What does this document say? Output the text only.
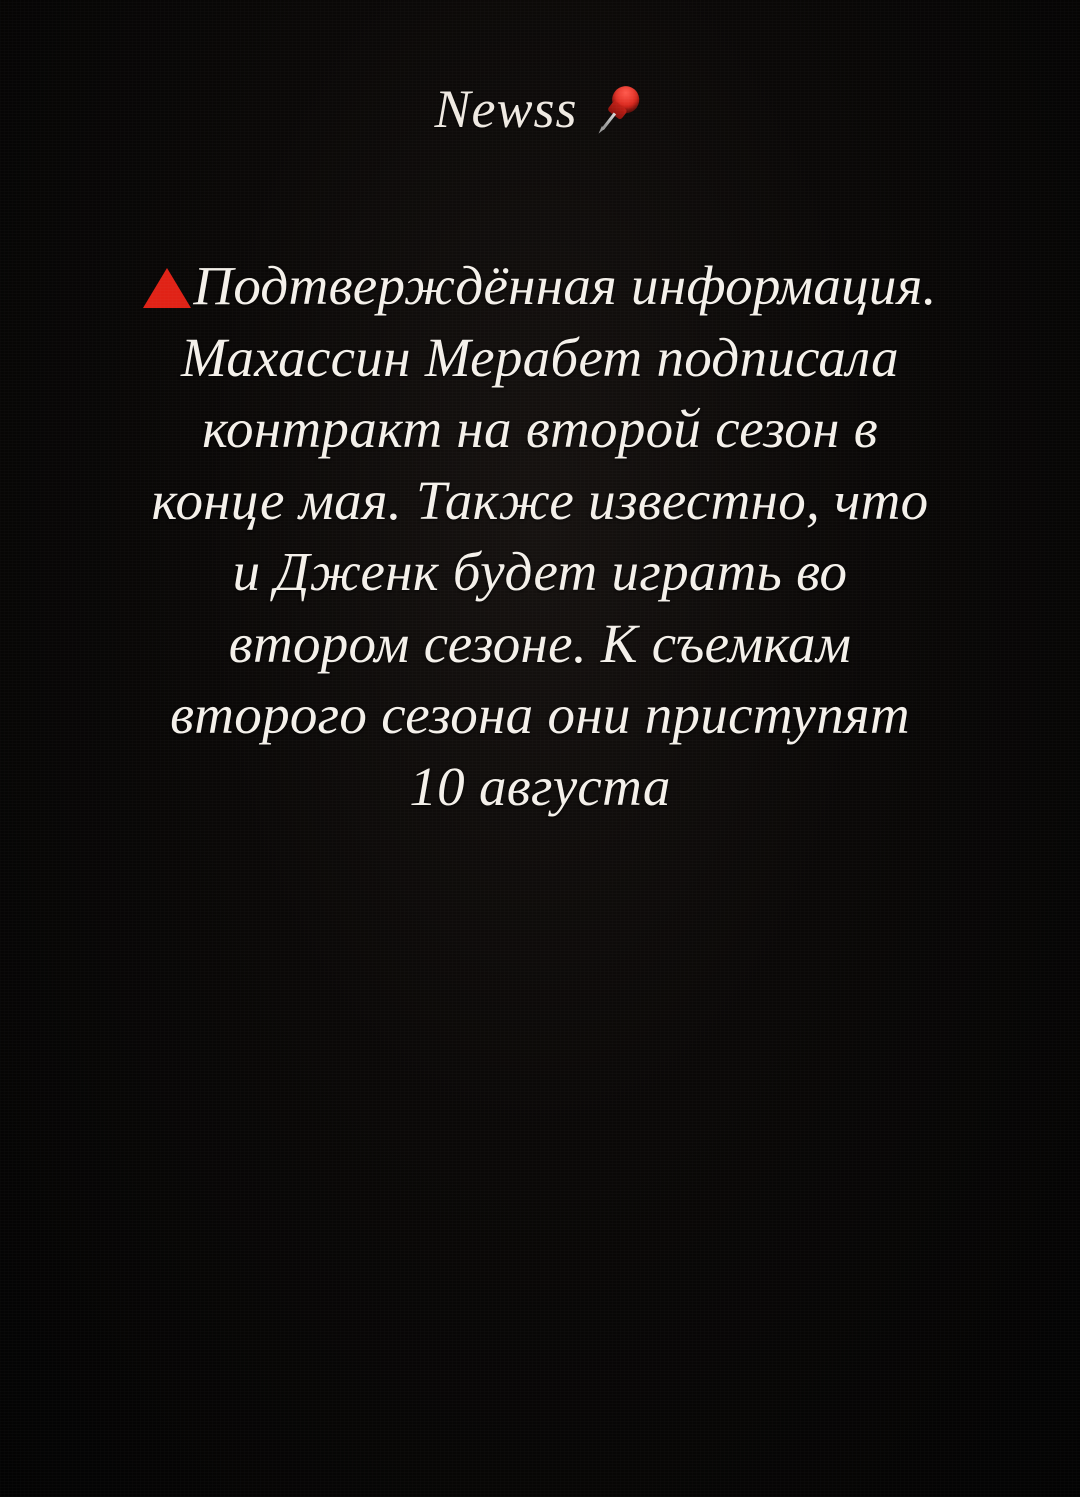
Newss
Подтверждённая информация. Махассин Мерабет подписала контракт на второй сезон в конце мая. Также известно, что и Дженк будет играть во втором сезоне. К съемкам второго сезона они приступят 10 августа
